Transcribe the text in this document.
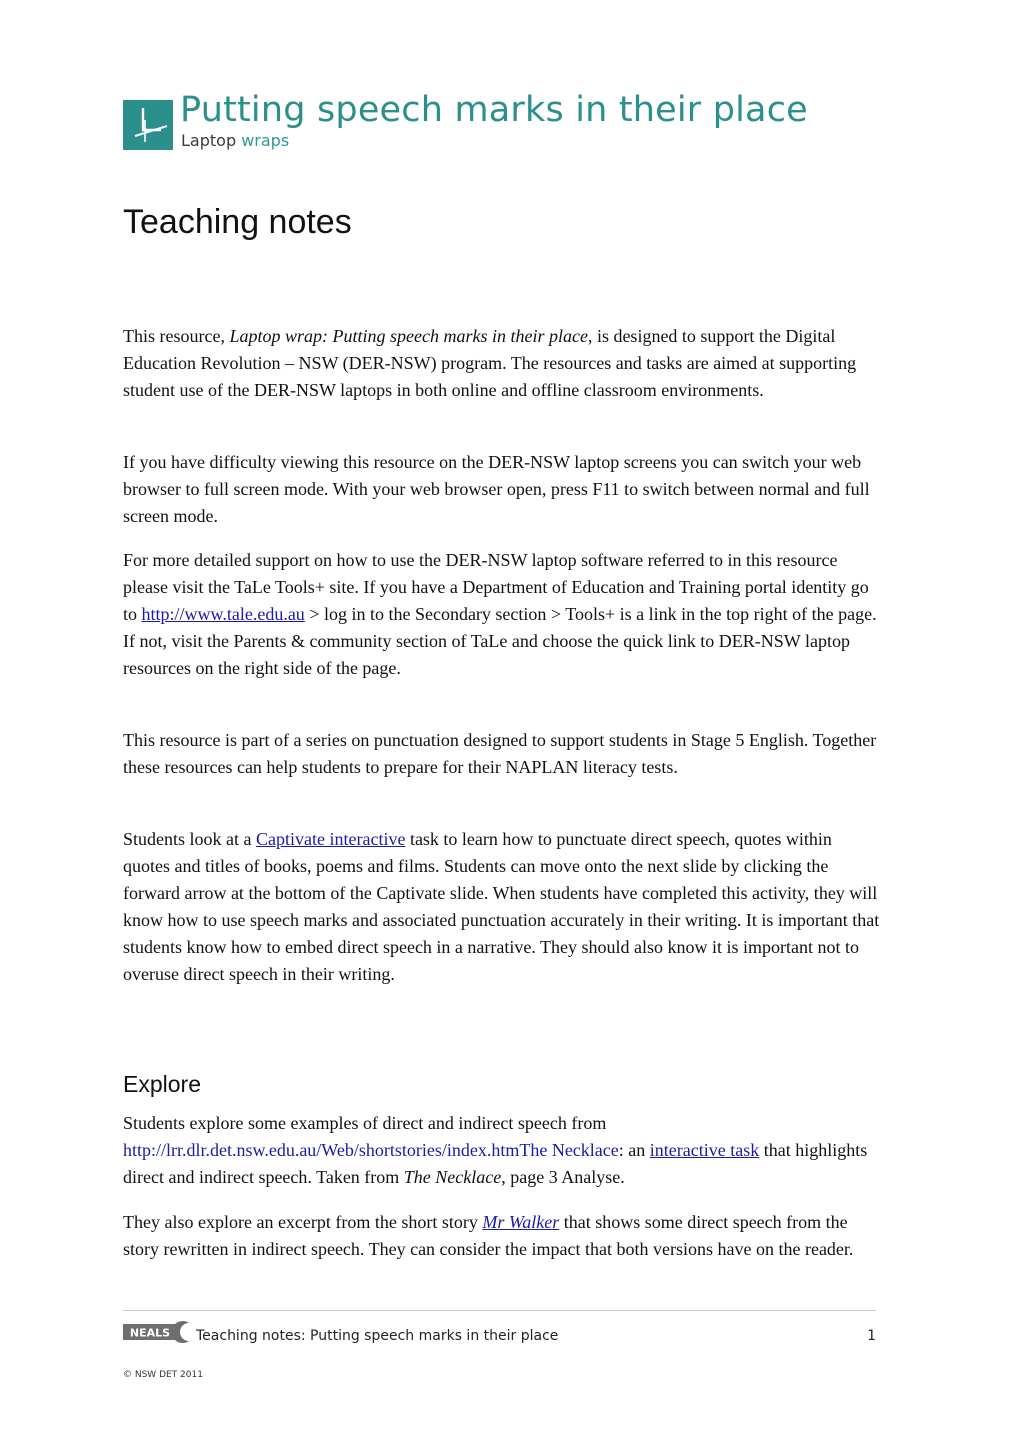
Putting speech marks in their place
Laptop wraps
Teaching notes

This resource, Laptop wrap: Putting speech marks in their place, is designed to support the Digital Education Revolution – NSW (DER-NSW) program. The resources and tasks are aimed at supporting student use of the DER-NSW laptops in both online and offline classroom environments.

If you have difficulty viewing this resource on the DER-NSW laptop screens you can switch your web browser to full screen mode. With your web browser open, press F11 to switch between normal and full screen mode.

For more detailed support on how to use the DER-NSW laptop software referred to in this resource please visit the TaLe Tools+ site. If you have a Department of Education and Training portal identity go to http://www.tale.edu.au > log in to the Secondary section > Tools+ is a link in the top right of the page. If not, visit the Parents & community section of TaLe and choose the quick link to DER-NSW laptop resources on the right side of the page.

This resource is part of a series on punctuation designed to support students in Stage 5 English. Together these resources can help students to prepare for their NAPLAN literacy tests.

Students look at a Captivate interactive task to learn how to punctuate direct speech, quotes within quotes and titles of books, poems and films. Students can move onto the next slide by clicking the forward arrow at the bottom of the Captivate slide. When students have completed this activity, they will know how to use speech marks and associated punctuation accurately in their writing. It is important that students know how to embed direct speech in a narrative. They should also know it is important not to overuse direct speech in their writing.

Explore

Students explore some examples of direct and indirect speech from http://lrr.dlr.det.nsw.edu.au/Web/shortstories/index.htmThe Necklace: an interactive task that highlights direct and indirect speech. Taken from The Necklace, page 3 Analyse.

They also explore an excerpt from the short story Mr Walker that shows some direct speech from the story rewritten in indirect speech. They can consider the impact that both versions have on the reader.

NEALS Teaching notes: Putting speech marks in their place	1
© NSW DET 2011
